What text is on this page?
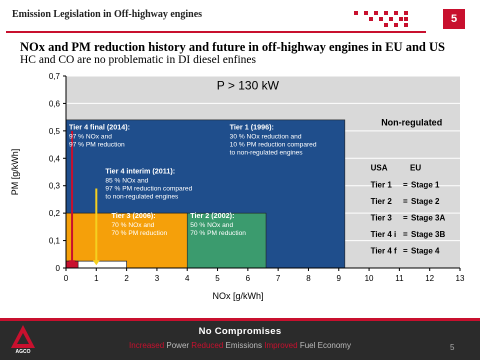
Emission Legislation in Off-highway engines	5
NOx and PM reduction history and future in off-highway engines in EU and US
HC and CO are no problematic in DI diesel enfines
Tier 1 (1996):
30 % NOx reduction and
10 % PM reduction compared
to non-regulated engines
Tier 2 (2002):
50 % NOx and
70 % PM reduction
Tier 3 (2006):
70 % NOx and
70 % PM reduction
Tier 4 interim (2011):
85 % NOx and
97 % PM reduction compared
to non-regulated engines
Tier 4 final (2014):
97 % NOx and
97 % PM reduction
P > 130 kW
Non-regulated
USA	EU
Tier 1 = Stage 1
Tier 2 = Stage 2
Tier 3 = Stage 3A
Tier 4 i = Stage 3B
Tier 4 f = Stage 4
0	1	2	3	4	5	6	7	8	9	10	11	12	13
0
0,1
0,2
0,3
0,4
0,5
0,6
0,7
NOx [g/kWh]
PM [g/kWh]
AGCO
No Compromises
Increased Power Reduced Emissions Improved Fuel Economy	5
